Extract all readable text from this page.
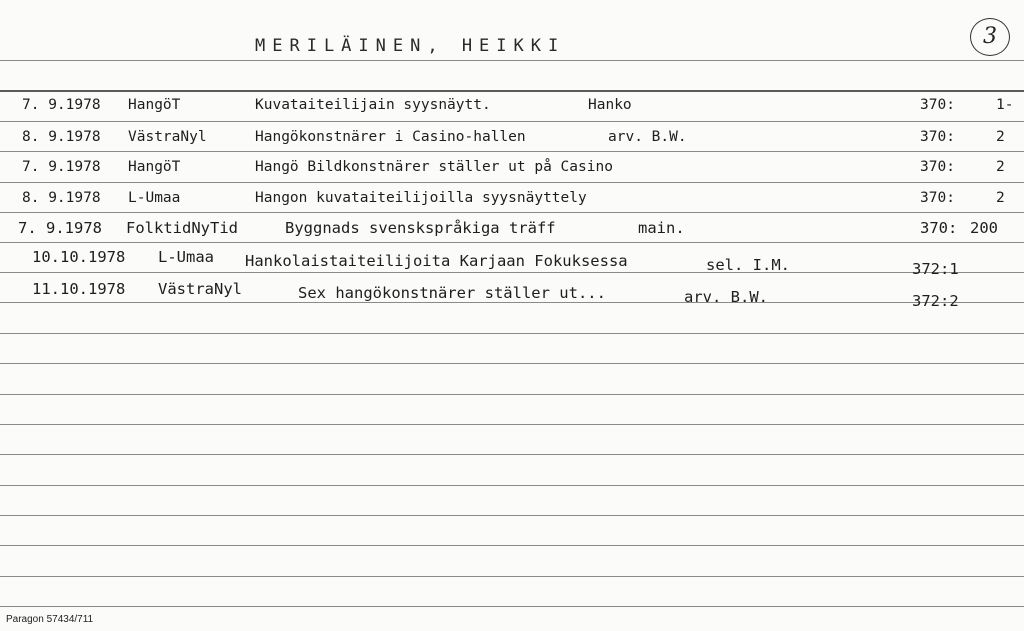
MERILÄINEN, HEIKKI	3
7. 9.1978 HangöT	Kuvataiteilijain syysnäytt.	Hanko	370:	1-
8. 9.1978 VästraNyl	Hangökonstnärer i Casino-hallen	arv. B.W.	370:	2
7. 9.1978 HangöT	Hangö Bildkonstnärer ställer ut på Casino	370:	2
8. 9.1978 L-Umaa	Hangon kuvataiteilijoilla syysnäyttely	370:	2
7. 9.1978 FolktidNyTid	Byggnads svenskspråkiga träff	main.	370: 200
10.10.1978 L-Umaa Hankolaistaiteilijoita Karjaan Fokuksessa	sel. I.M.	372:1
11.10.1978 VästraNyl	Sex hangökonstnärer ställer ut...	arv. B.W.	372:2
Paragon 57434/711
